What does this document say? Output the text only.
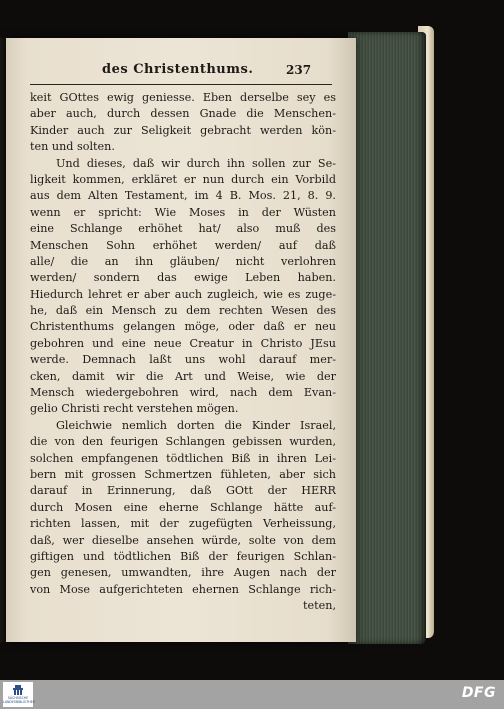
des Christenthums.	237
keit GOttes ewig geniesse. Eben derselbe sey es
aber auch, durch dessen Gnade die Menschen-
Kinder auch zur Seligkeit gebracht werden kön-
ten und solten.
Und dieses, daß wir durch ihn sollen zur Se-
ligkeit kommen, erkläret er nun durch ein Vorbild
aus dem Alten Testament, im 4 B. Mos. 21, 8. 9.
wenn er spricht: Wie Moses in der Wüsten
eine Schlange erhöhet hat/ also muß des
Menschen Sohn erhöhet werden/ auf daß
alle/ die an ihn gläuben/ nicht verlohren
werden/ sondern das ewige Leben haben.
Hiedurch lehret er aber auch zugleich, wie es zuge-
he, daß ein Mensch zu dem rechten Wesen des
Christenthums gelangen möge, oder daß er neu
gebohren und eine neue Creatur in Christo JEsu
werde. Demnach laßt uns wohl darauf mer-
cken, damit wir die Art und Weise, wie der
Mensch wiedergebohren wird, nach dem Evan-
gelio Christi recht verstehen mögen.
Gleichwie nemlich dorten die Kinder Israel,
die von den feurigen Schlangen gebissen wurden,
solchen empfangenen tödtlichen Biß in ihren Lei-
bern mit grossen Schmertzen fühleten, aber sich
darauf in Erinnerung, daß GOtt der HERR
durch Mosen eine eherne Schlange hätte auf-
richten lassen, mit der zugefügten Verheissung,
daß, wer dieselbe ansehen würde, solte von dem
giftigen und tödtlichen Biß der feurigen Schlan-
gen genesen, umwandten, ihre Augen nach der
von Mose aufgerichteten ehernen Schlange rich-
teten,
SÄCHSISCHE
LANDESBIBLIOTHEK
DFG
